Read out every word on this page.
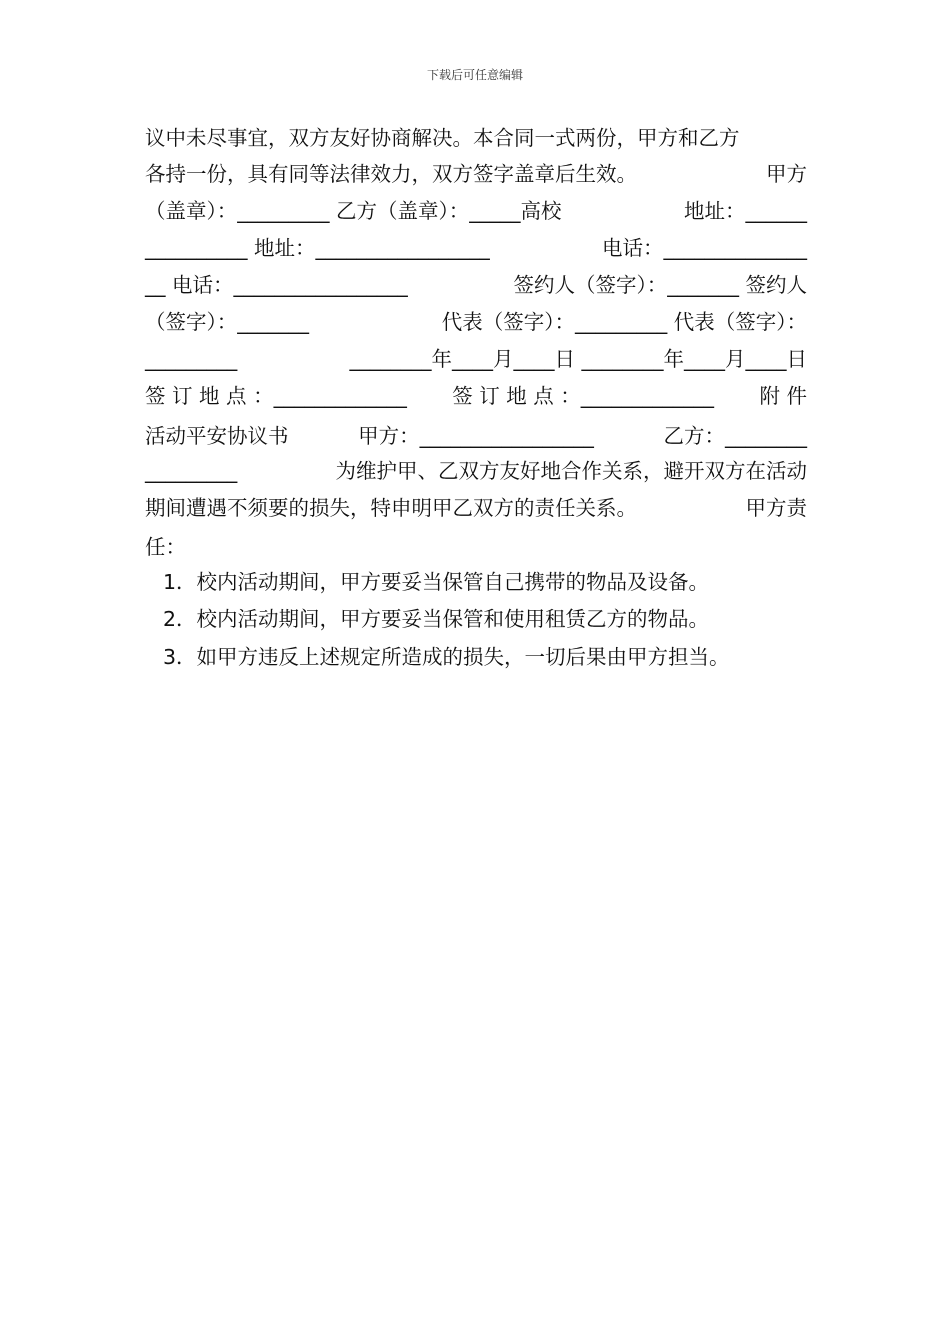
下载后可任意编辑
议中未尽事宜，双方友好协商解决。本合同一式两份，甲方和乙方
各持一份，具有同等法律效力，双方签字盖章后生效。	甲方
（盖章）：_________ 乙方（盖章）：_____高校	地址：______
__________ 地址：_________________	电话：______________
__ 电话：_________________	签约人（签字）：_______ 签约人
（签字）：_______	代表（签字）：_________ 代表（签字）：
_________	________年____月____日 ________年____月____日
签 订 地 点 ：_____________ 签 订 地 点 ：_____________ 附 件
活动平安协议书	甲方：_________________	乙方：________
_________	为维护甲、乙双方友好地合作关系，避开双方在活动
期间遭遇不须要的损失，特申明甲乙双方的责任关系。	甲方责
任：
1．校内活动期间，甲方要妥当保管自己携带的物品及设备。
2．校内活动期间，甲方要妥当保管和使用租赁乙方的物品。
3．如甲方违反上述规定所造成的损失，一切后果由甲方担当。
